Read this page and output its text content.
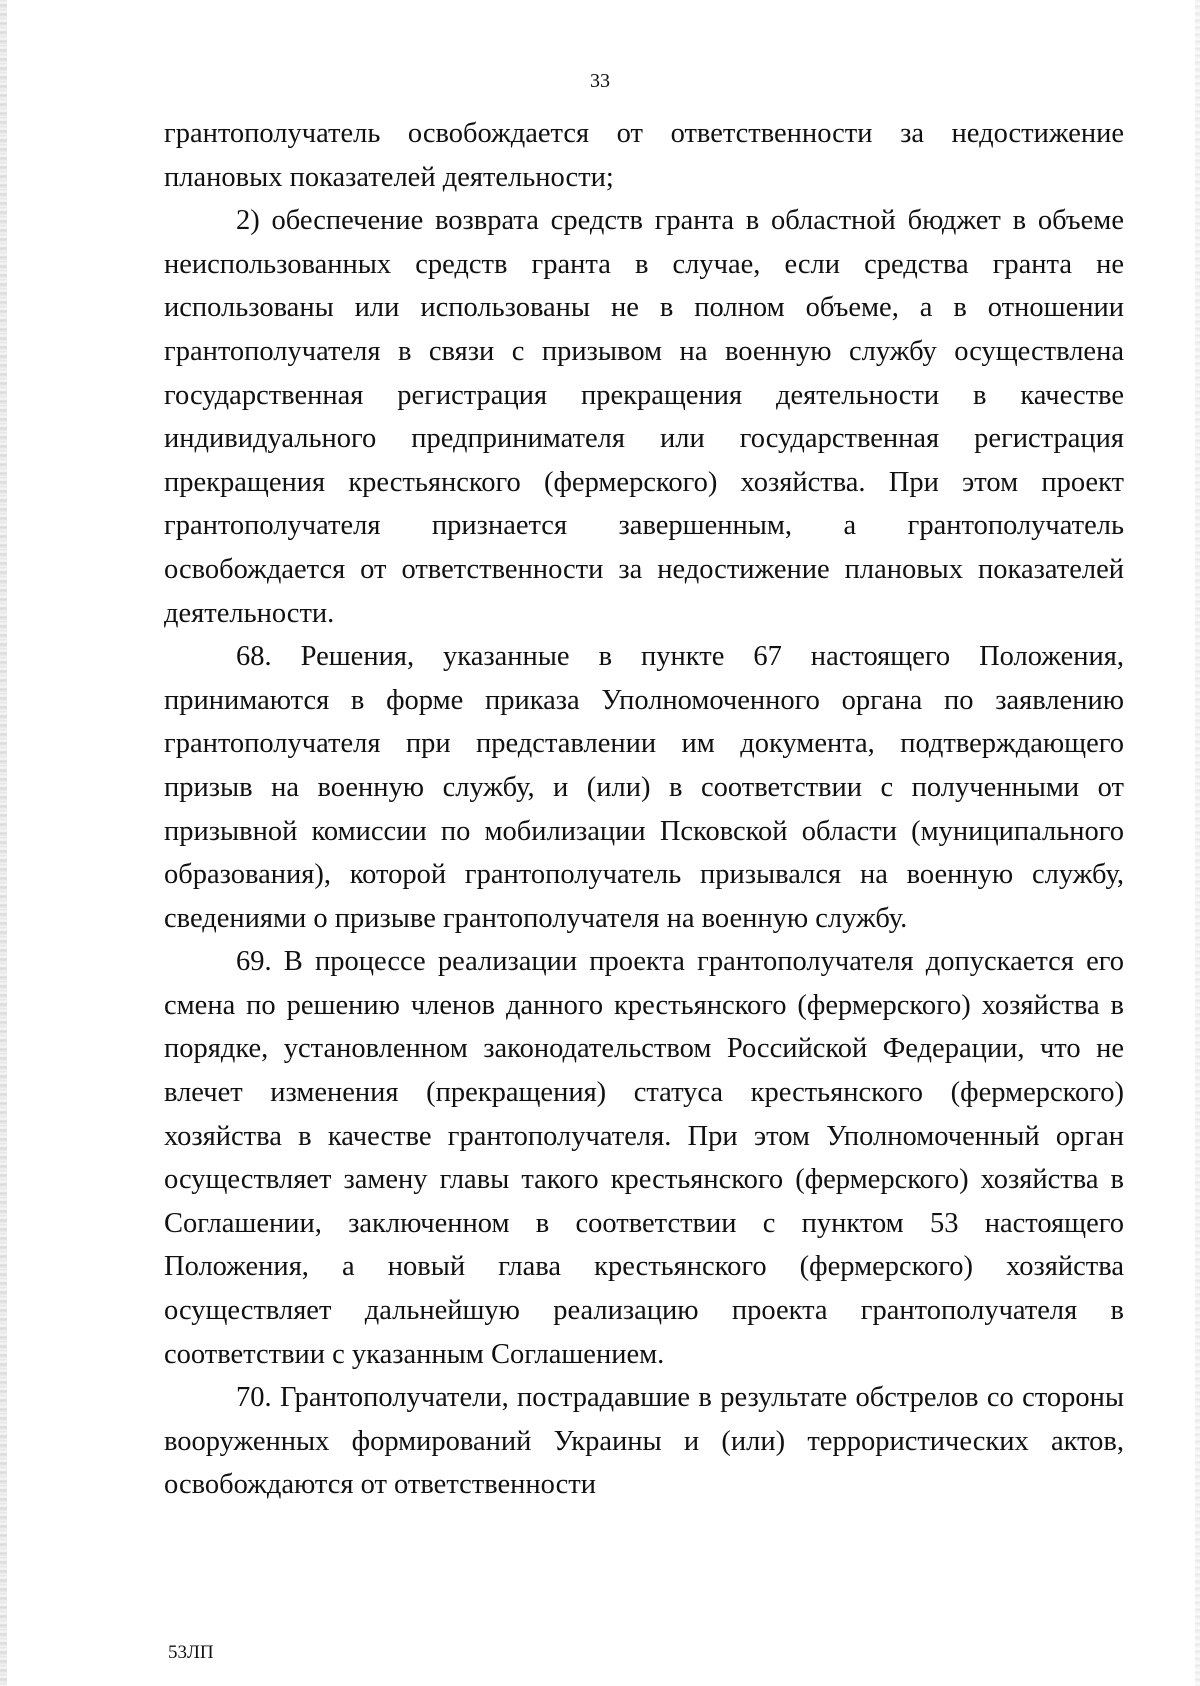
33

грантополучатель освобождается от ответственности за недостижение плановых показателей деятельности;

2) обеспечение возврата средств гранта в областной бюджет в объеме неиспользованных средств гранта в случае, если средства гранта не использованы или использованы не в полном объеме, а в отношении грантополучателя в связи с призывом на военную службу осуществлена государственная регистрация прекращения деятельности в качестве индивидуального предпринимателя или государственная регистрация прекращения крестьянского (фермерского) хозяйства. При этом проект грантополучателя признается завершенным, а грантополучатель освобождается от ответственности за недостижение плановых показателей деятельности.

68. Решения, указанные в пункте 67 настоящего Положения, принимаются в форме приказа Уполномоченного органа по заявлению грантополучателя при представлении им документа, подтверждающего призыв на военную службу, и (или) в соответствии с полученными от призывной комиссии по мобилизации Псковской области (муниципального образования), которой грантополучатель призывался на военную службу, сведениями о призыве грантополучателя на военную службу.

69. В процессе реализации проекта грантополучателя допускается его смена по решению членов данного крестьянского (фермерского) хозяйства в порядке, установленном законодательством Российской Федерации, что не влечет изменения (прекращения) статуса крестьянского (фермерского) хозяйства в качестве грантополучателя. При этом Уполномоченный орган осуществляет замену главы такого крестьянского (фермерского) хозяйства в Соглашении, заключенном в соответствии с пунктом 53 настоящего Положения, а новый глава крестьянского (фермерского) хозяйства осуществляет дальнейшую реализацию проекта грантополучателя в соответствии с указанным Соглашением.

70. Грантополучатели, пострадавшие в результате обстрелов со стороны вооруженных формирований Украины и (или) террористических актов, освобождаются от ответственности

53ЛП
